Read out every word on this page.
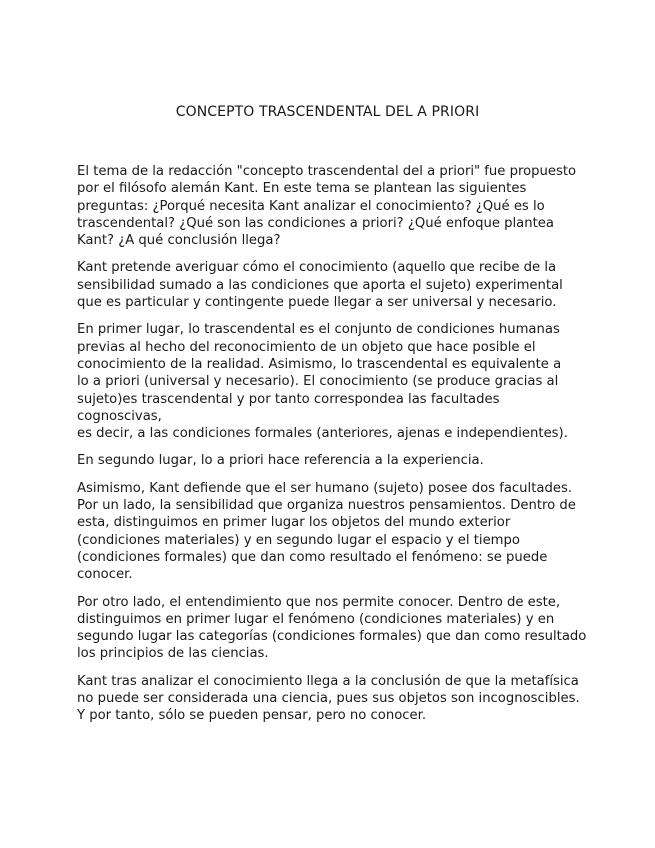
CONCEPTO TRASCENDENTAL DEL A PRIORI

El tema de la redacción "concepto trascendental del a priori" fue propuesto
por el filósofo alemán Kant. En este tema se plantean las siguientes
preguntas: ¿Porqué necesita Kant analizar el conocimiento? ¿Qué es lo
trascendental? ¿Qué son las condiciones a priori? ¿Qué enfoque plantea
Kant? ¿A qué conclusión llega?

Kant pretende averiguar cómo el conocimiento (aquello que recibe de la
sensibilidad sumado a las condiciones que aporta el sujeto) experimental
que es particular y contingente puede llegar a ser universal y necesario.

En primer lugar, lo trascendental es el conjunto de condiciones humanas
previas al hecho del reconocimiento de un objeto que hace posible el
conocimiento de la realidad. Asimismo, lo trascendental es equivalente a
lo a priori (universal y necesario). El conocimiento (se produce gracias al
sujeto)es trascendental y por tanto correspondea las facultades cognoscivas,
es decir, a las condiciones formales (anteriores, ajenas e independientes).

En segundo lugar, lo a priori hace referencia a la experiencia.

Asimismo, Kant defiende que el ser humano (sujeto) posee dos facultades.
Por un lado, la sensibilidad que organiza nuestros pensamientos. Dentro de
esta, distinguimos en primer lugar los objetos del mundo exterior
(condiciones materiales) y en segundo lugar el espacio y el tiempo
(condiciones formales) que dan como resultado el fenómeno: se puede
conocer.

Por otro lado, el entendimiento que nos permite conocer. Dentro de este,
distinguimos en primer lugar el fenómeno (condiciones materiales) y en
segundo lugar las categorías (condiciones formales) que dan como resultado
los principios de las ciencias.

Kant tras analizar el conocimiento llega a la conclusión de que la metafísica
no puede ser considerada una ciencia, pues sus objetos son incognoscibles.
Y por tanto, sólo se pueden pensar, pero no conocer.
